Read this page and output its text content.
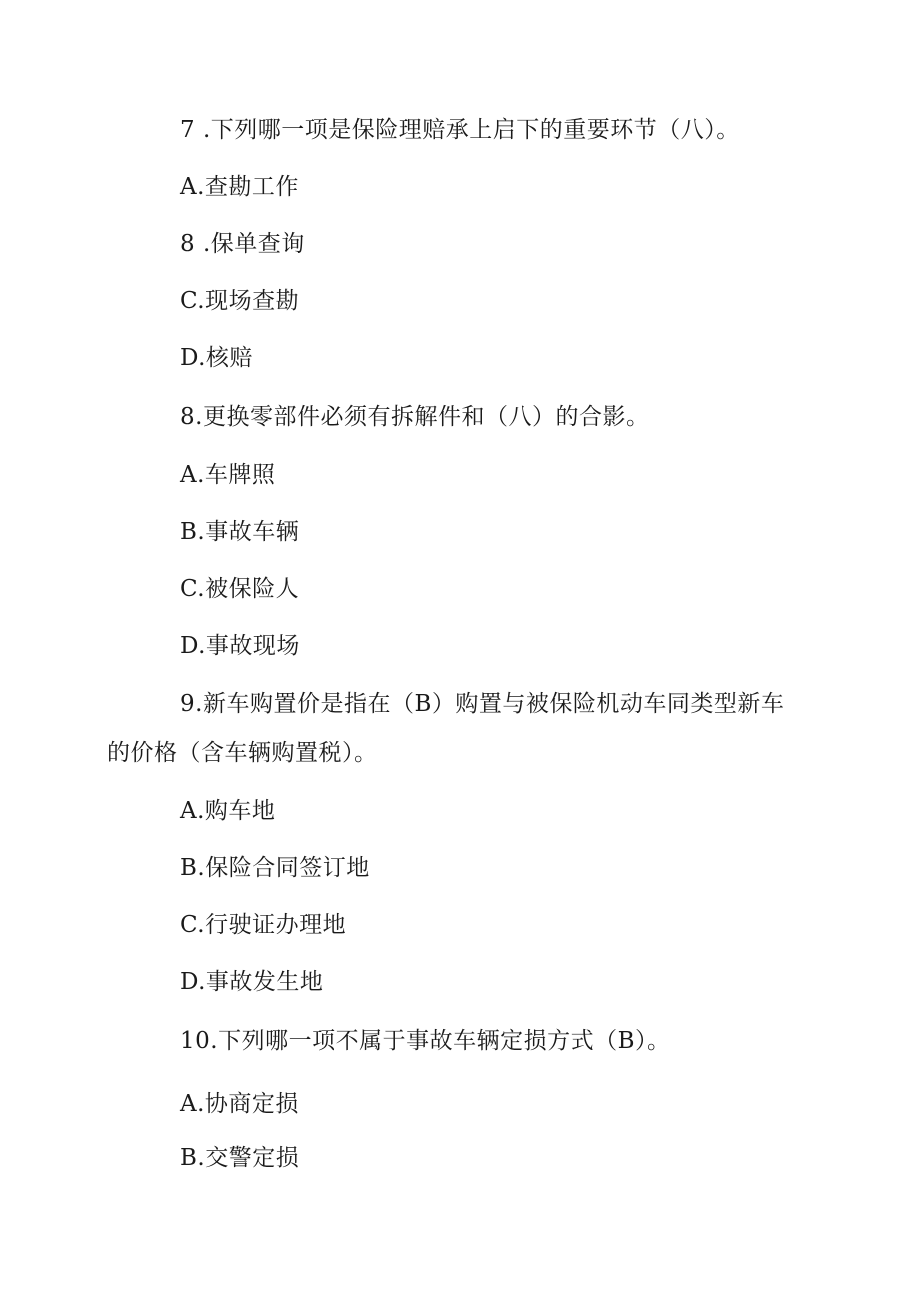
7 .下列哪一项是保险理赔承上启下的重要环节（八）。
A.查勘工作
8 .保单查询
C.现场查勘
D.核赔
8.更换零部件必须有拆解件和（八）的合影。
A.车牌照
B.事故车辆
C.被保险人
D.事故现场
9.新车购置价是指在（B）购置与被保险机动车同类型新车
的价格（含车辆购置税）。
A.购车地
B.保险合同签订地
C.行驶证办理地
D.事故发生地
10.下列哪一项不属于事故车辆定损方式（B）。
A.协商定损
B.交警定损
